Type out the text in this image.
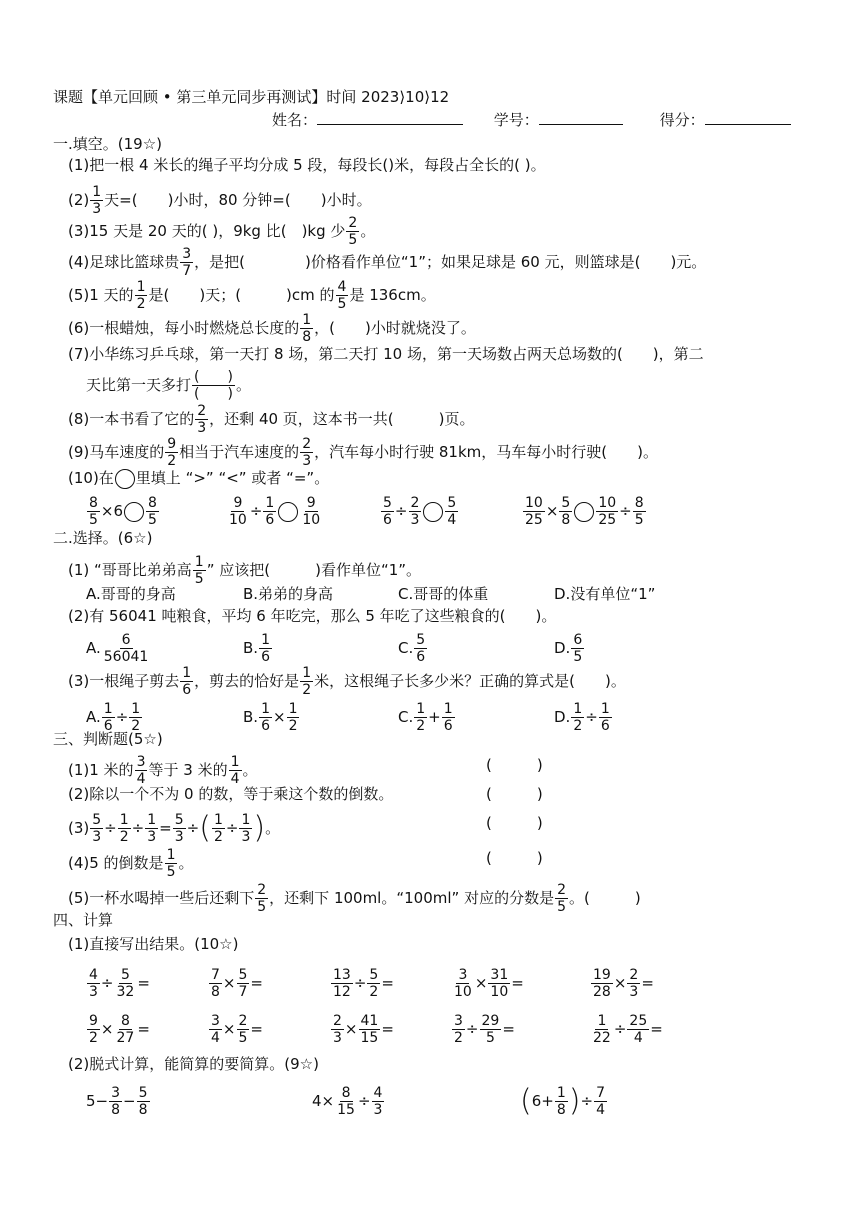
课题【单元回顾 • 第三单元同步再测试】时间 2023⟩10⟩12
姓名：	学号：	得分：
一.填空。(19☆)
(1)把一根 4 米长的绳子平均分成 5 段，每段长()米，每段占全长的( )。
$(2) \frac{1}{3}$ 天=(　　)小时，80 分钟=(　　)小时。
(3)15 天是 20 天的( )，9kg 比(　)kg 少 $\frac{2}{5}$ 。
(4)足球比篮球贵 $\frac{3}{7}$ ，是把(　　　　)价格看作单位“1”；如果足球是 60 元，则篮球是(　　)元。
(5)1 天的 $\frac{1}{2}$ 是(　　)天；(　　　)cm 的 $\frac{4}{5}$ 是 136cm。
(6)一根蜡烛，每小时燃烧总长度的 $\frac{1}{8}$ ，(　　)小时就烧没了。
(7)小华练习乒乓球，第一天打 8 场，第二天打 10 场，第一天场数占两天总场数的(　　)，第二
天比第一天多打 (　　)
(　　) 。
(8)一本书看了它的 $\frac{2}{3}$ ，还剩 40 页，这本书一共(　　　)页。
(9)马车速度的 $\frac{9}{2}$ 相当于汽车速度的 $\frac{2}{3}$ ，汽车每小时行驶 81km，马车每小时行驶(　　)。
(10)在 里填上 “>” “<” 或者 “=”。
$\frac{8}{5} \times 6 \frac{8}{5}$	$\frac{9}{10} \div \frac{1}{6} \frac{9}{10}$	$\frac{5}{6} \div \frac{2}{3} \frac{5}{4}$	$\frac{10}{25} \times \frac{5}{8} \frac{10}{25} \div \frac{8}{5}$
二.选择。(6☆)
(1) “哥哥比弟弟高 $\frac{1}{5}$ ” 应该把(　　　)看作单位“1”。
A.哥哥的身高	B.弟弟的身高	C.哥哥的体重	D.没有单位“1”
(2)有 56041 吨粮食，平均 6 年吃完，那么 5 年吃了这些粮食的(　　)。
A. $\frac{6}{56041}$	B. $\frac{1}{6}$	C. $\frac{5}{6}$	D. $\frac{6}{5}$
(3)一根绳子剪去 $\frac{1}{6}$ ，剪去的恰好是 $\frac{1}{2}$ 米，这根绳子长多少米？正确的算式是(　　)。
A. $\frac{1}{6} \div \frac{1}{2}$	B. $\frac{1}{6} \times \frac{1}{2}$	C. $\frac{1}{2} + \frac{1}{6}$	D. $\frac{1}{2} \div \frac{1}{6}$
三、判断题(5☆)
(1)1 米的 $\frac{3}{4}$ 等于 3 米的 $\frac{1}{4}$ 。	(　　　)
(2)除以一个不为 0 的数，等于乘这个数的倒数。	(　　　)
$(3) \frac{5}{3} \div \frac{1}{2} \div \frac{1}{3} = \frac{5}{3}$ ÷( $\frac{1}{2} \div \frac{1}{3}$ )。	(　　　)
(4)5 的倒数是 $\frac{1}{5}$ 。	(　　　)
(5)一杯水喝掉一些后还剩下 $\frac{2}{5}$ ，还剩下 100ml。“100ml” 对应的分数是 $\frac{2}{5}$ 。(　　　)
四、计算
(1)直接写出结果。(10☆)
$\frac{4}{3} \div \frac{5}{32}$ =	$\frac{7}{8} \times \frac{5}{7}$ =	$\frac{13}{12} \div \frac{5}{2}$ =	$\frac{3}{10} \times \frac{31}{10}$ =	$\frac{19}{28} \times \frac{2}{3}$ =
$\frac{9}{2} \times \frac{8}{27}$ =	$\frac{3}{4} \times \frac{2}{5}$ =	$\frac{2}{3} \times \frac{41}{15}$ =	$\frac{3}{2} \div \frac{29}{5}$ =	$\frac{1}{22} \div \frac{25}{4}$ =
(2)脱式计算，能简算的要简算。(9☆)
$5- \frac{3}{8} - \frac{5}{8}$	$4\times \frac{8}{15} \div \frac{4}{3}$	($6+ \frac{1}{8}$ )÷ $\frac{7}{4}$
